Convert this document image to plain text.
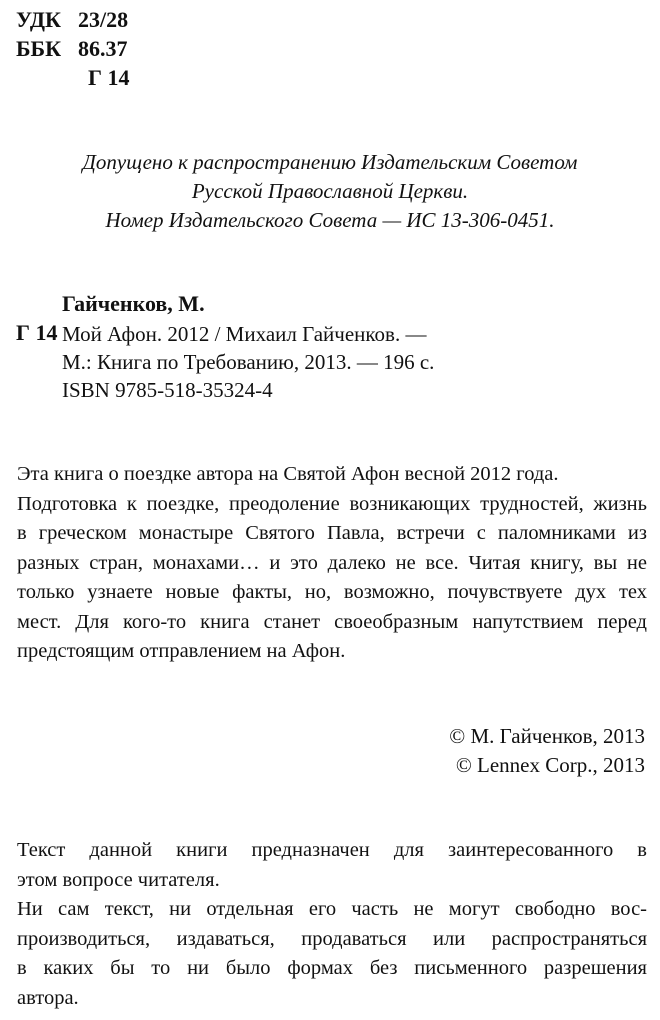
УДК 23/28
ББК 86.37
Г 14
Допущено к распространению Издательским Советом
Русской Православной Церкви.
Номер Издательского Совета — ИС 13-306-0451.
Гайченков, М.
Г 14 Мой Афон. 2012 / Михаил Гайченков. —
М.: Книга по Требованию, 2013. — 196 с.
ISBN 9785-518-35324-4
Эта книга о поездке автора на Святой Афон весной 2012 года.
Подготовка к поездке, преодоление возникающих трудностей, жизнь
в греческом монастыре Святого Павла, встречи с паломниками из
разных стран, монахами… и это далеко не все. Читая книгу, вы не
только узнаете новые факты, но, возможно, почувствуете дух тех
мест. Для кого-то книга станет своеобразным напутствием перед
предстоящим отправлением на Афон.
© М. Гайченков, 2013
© Lennex Corp., 2013
Текст данной книги предназначен для заинтересованного в
этом вопросе читателя.
Ни сам текст, ни отдельная его часть не могут свободно вос-
производиться, издаваться, продаваться или распространяться
в каких бы то ни было формах без письменного разрешения
автора.
